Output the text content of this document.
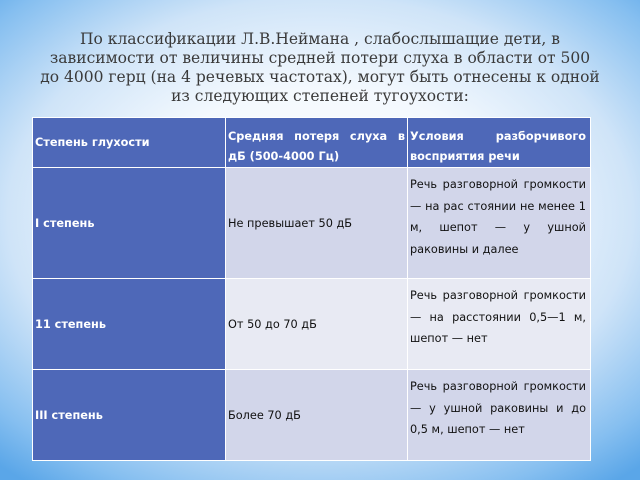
По классификации Л.В.Неймана , слабослышащие дети, в зависимости от величины средней потери слуха в области от 500 до 4000 герц (на 4 речевых частотах), могут быть отнесены к одной из следующих степеней тугоухости:

Степень глухости	Средняя потеря слуха в дБ (500-4000 Гц)	Условия разборчивого восприятия речи
I степень	Не превышает 50 дБ	Речь разговорной громкости — на рас стоянии не менее 1 м, шепот — у ушной раковины и далее
11 степень	От 50 до 70 дБ	Речь разговорной громкости — на расстоянии 0,5—1 м, шепот — нет
III степень	Более 70 дБ	Речь разговорной громкости — у ушной раковины и до 0,5 м, шепот — нет
